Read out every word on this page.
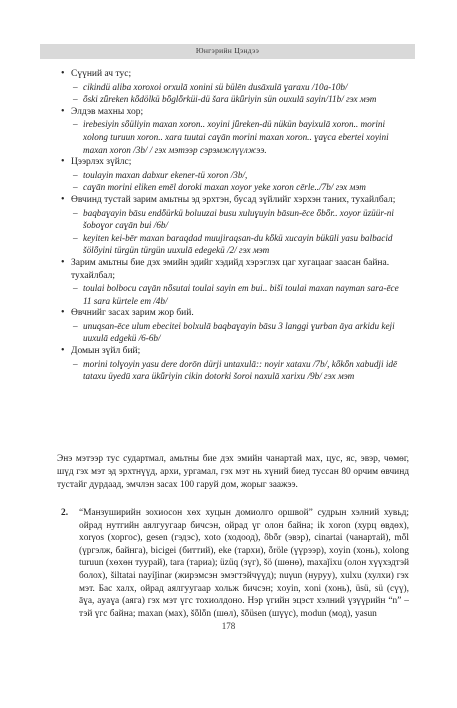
Юнгэрийн Цэндээ
• Сүүний ач тус;
– cikindü aliba xoroxoi orxulā xonini sü bülēn dusāxulā ɣaraxu /10a-10b/
– ȫski zǖreken kȫdölkü bȫglȫrküi-dü šara ükǖriyin sün ouxulā sayin/11b/ гэх мэт
• Элдэв махны хор;
– irebesiyin sȫüliyin maxan xoron.. xoyini jǖreken-dü nükün bayixulā xoron.. morini xolong turuun xoron.. xara tuutai caɣān morini maxan xoron.. ɣaɣca ebertei xoyini maxan xoron /3b/ / гэх мэтээр сэрэмжлүүлжээ.
• Цээрлэх зүйлс;
– toulayin maxan dabxur ekener-tü xoron /3b/,
– caɣān morini eliken emēl doroki maxan xoyor yeke xoron cērle../7b/ гэх мэт
• Өвчинд тустай зарим амьтны эд эрхтэн, бусад зүйлийг хэрхэн таних, тухайлбал;
– baqbaɣayin bāsu endȫürkü boluuzai busu xuluɣuyin bāsun-ēce ȫbȫr.. xoyor üzüür-ni šoboɣor caɣān bui /6b/
– keyiten kei-bēr maxan baraqdad muujiraqsan-du kȫkü xucayin bükūli yasu balbacid šölȫyini türgün türgün uuxulā edegekü /2/ гэх мэт
• Зарим амьтны бие дэх эмийн эдийг хэдийд хэрэглэх цаг хугацааг заасан байна. тухайлбал;
– toulai bolbocu caɣān nȫsutai toulai sayin em bui.. biši toulai maxan nayman sara-ēce 11 sara kürtele em /4b/
• Өвчнийг засах зарим жор бий.
– unuqsan-ēce ulum ebecitei bolxulā baqbaɣayin bāsu 3 langgi ɣurban āya arkidu keji uuxulā edgekü /6-6b/
• Домын зүйл бий;
– morini tolɣoyin yasu dere dorōn dürji untaxulā:: noyir xataxu /7b/, kȫkȫn xabudji idē tataxu üyedū xara ükǖriyin cikin dotorki šoroi naxulā xarixu /9b/ гэх мэт
Энэ мэтээр тус судартмал, амьтны бие дэх эмийн чанартай мах, цус, яс, эвэр, чөмөг, шүд гэх мэт эд эрхтнүүд, архи, ургамал, гэх мэт нь хүний биед туссан 80 орчим өвчинд тустайг дурдаад, эмчлэн засах 100 гаруй дом, жорыг заажээ.
2.	“Манзуширийн зохиосон хөх хуцын домиолго оршвой” судрын хэлний хувьд; ойрад нутгийн аялгуугаар бичсэн, ойрад үг олон байна; ik xoron (хурц өвдөх), xorγos (хоргос), gesen (гэдэс), xoto (ходоод), ȫbȫr (эвэр), cinartai (чанартай), mȫl (үргэлж, байнга), bicigei (биттий), eke (тархи), ȫröle (үүрээр), xoyin (хонь), xolong turuun (хөхөн туурай), tara (тариа); üzüq (зүг), šö (шөнө), maxaǰixu (олон хүүхэдтэй болох), šiltatai nayiǰinar (жирэмсэн эмэгтэйчүүд); nuγun (нуруу), xulxu (хулхи) гэх мэт. Бас халх, ойрад аялгуугаар хольж бичсэн; xoyin, xoni (хонь), üsü, sü (сүү), āɣa, ayaɣa (аяга) гэх мэт үгс тохиолдоно. Нэр үгийн эцэст хэлний үзүүрийн “n” –тэй үгс байна; maxan (мах), šȫlȫn (шөл), šȫüsen (шүүс), modun (мод), yasun
178
